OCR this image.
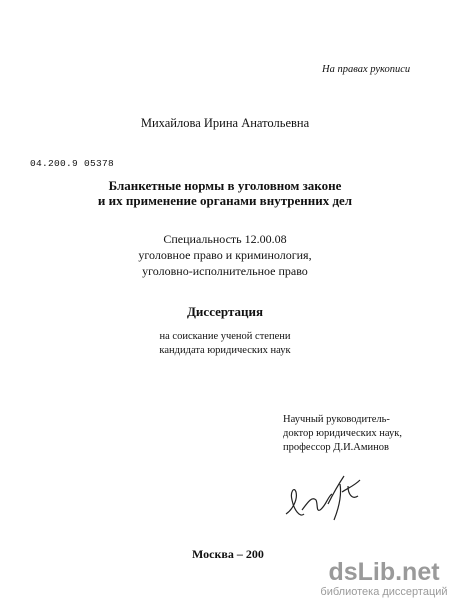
На правах рукописи
Михайлова Ирина Анатольевна
04.200.9 05378
Бланкетные нормы в уголовном законе
и их применение органами внутренних дел
Специальность 12.00.08
уголовное право и криминология,
уголовно-исполнительное право
Диссертация
на соискание ученой степени
кандидата юридических наук
Научный руководитель-
доктор юридических наук,
профессор Д.И.Аминов
Москва – 200
dsLib.net
библиотека диссертаций
